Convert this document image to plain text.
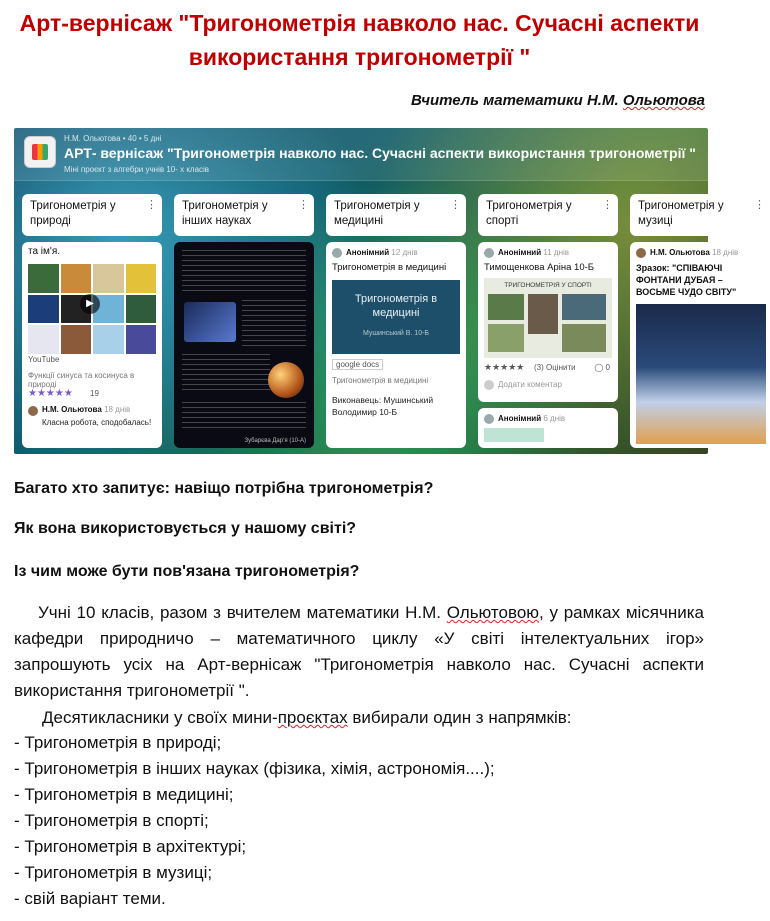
Арт-вернісаж "Тригонометрія навколо нас. Сучасні аспекти використання тригонометрії "
Вчитель математики Н.М. Ольютова
Н.М. Ольютова • 40 • 5 дні
АРТ- вернісаж "Тригонометрія навколо нас. Сучасні аспекти використання тригонометрії "
Міні проєкт з алгебри учнів 10- х класів
Тригонометрія у природі
⋮
та ім'я.
▶
YouTube
Функції синуса та косинуса в природі
★★★★★ 19
Н.М. Ольютова 18 днів
Класна робота, сподобалась!
Тригонометрія у інших науках
⋮
Зубарєва Дарʼя (10-А)
Тригонометрія у медицині
⋮
Анонімний 12 днів
Тригонометрія в медицині
Тригонометрія в медицині
Мушинський В. 10-Б
google docs
Тригонометрія в медицині
Виконавець: Мушинський Володимир 10-Б
Тригонометрія у спорті
⋮
Анонімний 11 днів
Тимощенкова Аріна 10-Б
ТРИГОНОМЕТРІЯ У СПОРТІ
★★★★★ (3) Оцінити ◯ 0
Додати коментар
Анонімний 6 днів
Тригонометрія у музиці
⋮
Н.М. Ольютова 18 днів
Зразок: "СПІВАЮЧІ ФОНТАНИ ДУБАЯ – ВОСЬМЕ ЧУДО СВІТУ"
Багато хто запитує: навіщо потрібна тригонометрія?
Як вона використовується у нашому світі?
Із чим може бути пов'язана тригонометрія?
Учні 10 класів, разом з вчителем математики Н.М. Ольютовою, у рамках місячника кафедри природничо – математичного циклу «У світі інтелектуальних ігор» запрошують усіх на Арт-вернісаж "Тригонометрія навколо нас. Сучасні аспекти використання тригонометрії ".
Десятикласники у своїх мини-проєктах вибирали один з напрямків:
- Тригонометрія в природі;
- Тригонометрія в інших науках (фізика, хімія, астрономія....);
- Тригонометрія в медицині;
- Тригонометрія в спорті;
- Тригонометрія в архітектурі;
- Тригонометрія в музиці;
- свій варіант теми.
